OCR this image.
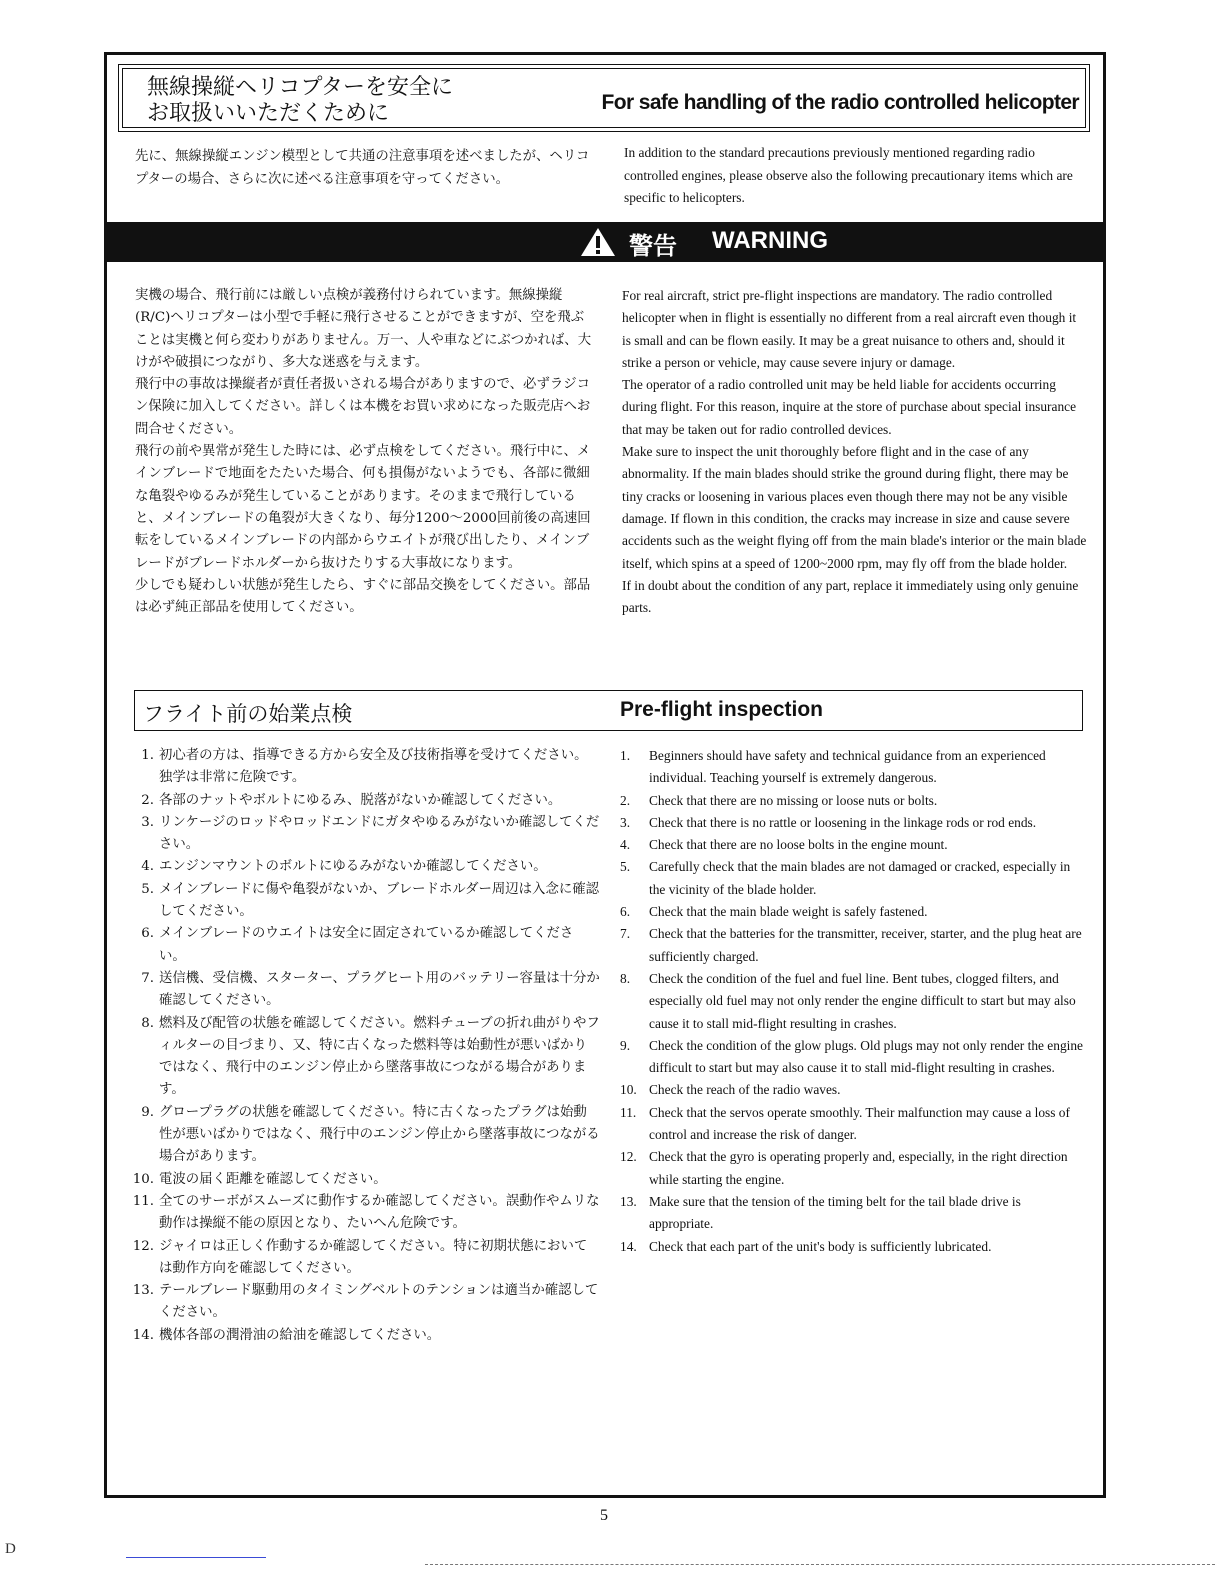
無線操縦ヘリコプターを安全に
お取扱いいただくために	For safe handling of the radio controlled helicopter
先に、無線操縦エンジン模型として共通の注意事項を述べましたが、ヘリコプターの場合、さらに次に述べる注意事項を守ってください。
In addition to the standard precautions previously mentioned regarding radio controlled engines, please observe also the following precautionary items which are specific to helicopters.
警告 WARNING

実機の場合、飛行前には厳しい点検が義務付けられています。無線操縦(R/C)ヘリコプターは小型で手軽に飛行させることができますが、空を飛ぶことは実機と何ら変わりがありません。万一、人や車などにぶつかれば、大けがや破損につながり、多大な迷惑を与えます。

飛行中の事故は操縦者が責任者扱いされる場合がありますので、必ずラジコン保険に加入してください。詳しくは本機をお買い求めになった販売店へお問合せください。

飛行の前や異常が発生した時には、必ず点検をしてください。飛行中に、メインブレードで地面をたたいた場合、何も損傷がないようでも、各部に微細な亀裂やゆるみが発生していることがあります。そのままで飛行していると、メインブレードの亀裂が大きくなり、毎分1200～2000回前後の高速回転をしているメインブレードの内部からウエイトが飛び出したり、メインブレードがブレードホルダーから抜けたりする大事故になります。

少しでも疑わしい状態が発生したら、すぐに部品交換をしてください。部品は必ず純正部品を使用してください。

For real aircraft, strict pre-flight inspections are mandatory. The radio controlled helicopter when in flight is essentially no different from a real aircraft even though it is small and can be flown easily. It may be a great nuisance to others and, should it strike a person or vehicle, may cause severe injury or damage.

The operator of a radio controlled unit may be held liable for accidents occurring during flight. For this reason, inquire at the store of purchase about special insurance that may be taken out for radio controlled devices.

Make sure to inspect the unit thoroughly before flight and in the case of any abnormality. If the main blades should strike the ground during flight, there may be tiny cracks or loosening in various places even though there may not be any visible damage. If flown in this condition, the cracks may increase in size and cause severe accidents such as the weight flying off from the main blade's interior or the main blade itself, which spins at a speed of 1200~2000 rpm, may fly off from the blade holder.

If in doubt about the condition of any part, replace it immediately using only genuine parts.

フライト前の始業点検	Pre-flight inspection
1. 初心者の方は、指導できる方から安全及び技術指導を受けてください。独学は非常に危険です。
2. 各部のナットやボルトにゆるみ、脱落がないか確認してください。
3. リンケージのロッドやロッドエンドにガタやゆるみがないか確認してください。
4. エンジンマウントのボルトにゆるみがないか確認してください。
5. メインブレードに傷や亀裂がないか、ブレードホルダー周辺は入念に確認してください。
6. メインブレードのウエイトは安全に固定されているか確認してください。
7. 送信機、受信機、スターター、プラグヒート用のバッテリー容量は十分か確認してください。
8. 燃料及び配管の状態を確認してください。燃料チューブの折れ曲がりやフィルターの目づまり、又、特に古くなった燃料等は始動性が悪いばかりではなく、飛行中のエンジン停止から墜落事故につながる場合があります。
9. グロープラグの状態を確認してください。特に古くなったプラグは始動性が悪いばかりではなく、飛行中のエンジン停止から墜落事故につながる場合があります。
10. 電波の届く距離を確認してください。
11. 全てのサーボがスムーズに動作するか確認してください。誤動作やムリな動作は操縦不能の原因となり、たいへん危険です。
12. ジャイロは正しく作動するか確認してください。特に初期状態においては動作方向を確認してください。
13. テールブレード駆動用のタイミングベルトのテンションは適当か確認してください。
14. 機体各部の潤滑油の給油を確認してください。
1. Beginners should have safety and technical guidance from an experienced individual. Teaching yourself is extremely dangerous.
2. Check that there are no missing or loose nuts or bolts.
3. Check that there is no rattle or loosening in the linkage rods or rod ends.
4. Check that there are no loose bolts in the engine mount.
5. Carefully check that the main blades are not damaged or cracked, especially in the vicinity of the blade holder.
6. Check that the main blade weight is safely fastened.
7. Check that the batteries for the transmitter, receiver, starter, and the plug heat are sufficiently charged.
8. Check the condition of the fuel and fuel line. Bent tubes, clogged filters, and especially old fuel may not only render the engine difficult to start but may also cause it to stall mid-flight resulting in crashes.
9. Check the condition of the glow plugs. Old plugs may not only render the engine difficult to start but may also cause it to stall mid-flight resulting in crashes.
10. Check the reach of the radio waves.
11. Check that the servos operate smoothly. Their malfunction may cause a loss of control and increase the risk of danger.
12. Check that the gyro is operating properly and, especially, in the right direction while starting the engine.
13. Make sure that the tension of the timing belt for the tail blade drive is appropriate.
14. Check that each part of the unit's body is sufficiently lubricated.
5
D
